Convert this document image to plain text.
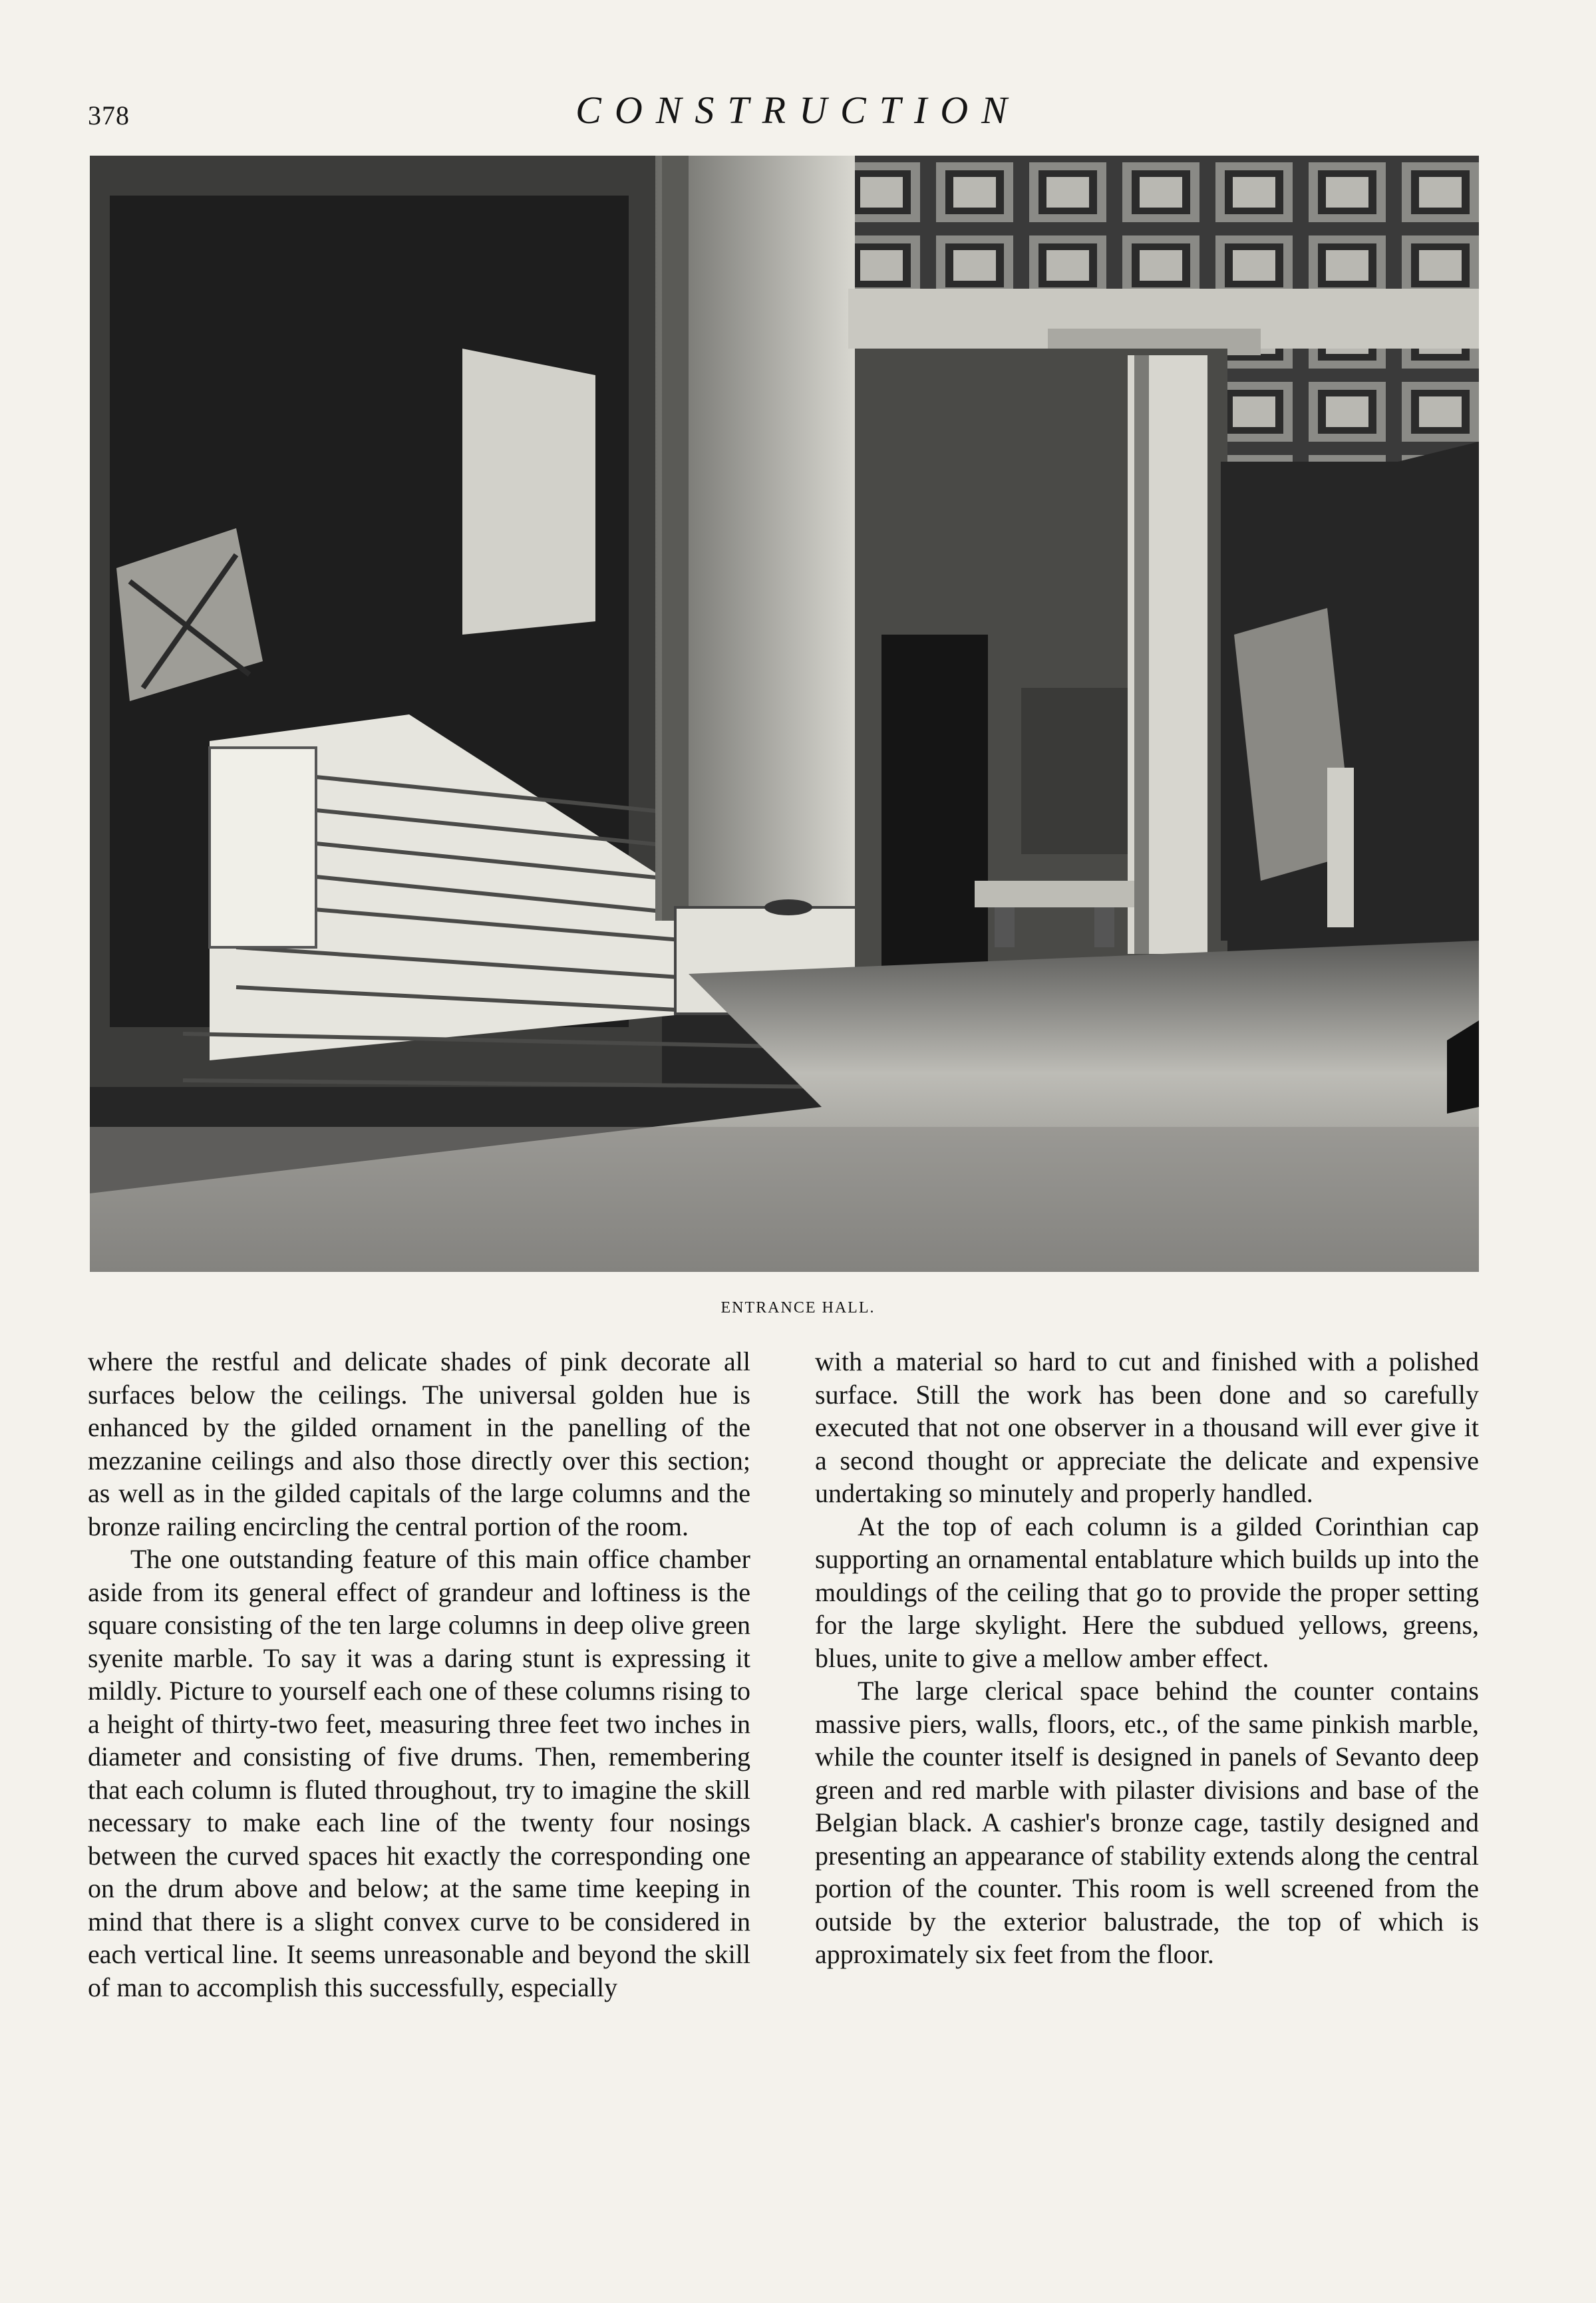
378	CONSTRUCTION
ENTRANCE HALL.

where the restful and delicate shades of pink decorate all surfaces below the ceilings. The universal golden hue is enhanced by the gilded ornament in the panelling of the mezzanine ceilings and also those directly over this section; as well as in the gilded capitals of the large columns and the bronze railing encircling the central portion of the room.

The one outstanding feature of this main office chamber aside from its general effect of grandeur and loftiness is the square consisting of the ten large columns in deep olive green syenite marble. To say it was a daring stunt is expressing it mildly. Picture to yourself each one of these columns rising to a height of thirty-two feet, measuring three feet two inches in diameter and consisting of five drums. Then, remembering that each column is fluted throughout, try to imagine the skill necessary to make each line of the twenty four nosings between the curved spaces hit exactly the corresponding one on the drum above and below; at the same time keeping in mind that there is a slight convex curve to be considered in each vertical line. It seems unreasonable and beyond the skill of man to accomplish this successfully, especially

with a material so hard to cut and finished with a polished surface. Still the work has been done and so carefully executed that not one observer in a thousand will ever give it a second thought or appreciate the delicate and expensive undertaking so minutely and properly handled.

At the top of each column is a gilded Corinthian cap supporting an ornamental entablature which builds up into the mouldings of the ceiling that go to provide the proper setting for the large skylight. Here the subdued yellows, greens, blues, unite to give a mellow amber effect.

The large clerical space behind the counter contains massive piers, walls, floors, etc., of the same pinkish marble, while the counter itself is designed in panels of Sevanto deep green and red marble with pilaster divisions and base of the Belgian black. A cashier's bronze cage, tastily designed and presenting an appearance of stability extends along the central portion of the counter. This room is well screened from the outside by the exterior balustrade, the top of which is approximately six feet from the floor.
